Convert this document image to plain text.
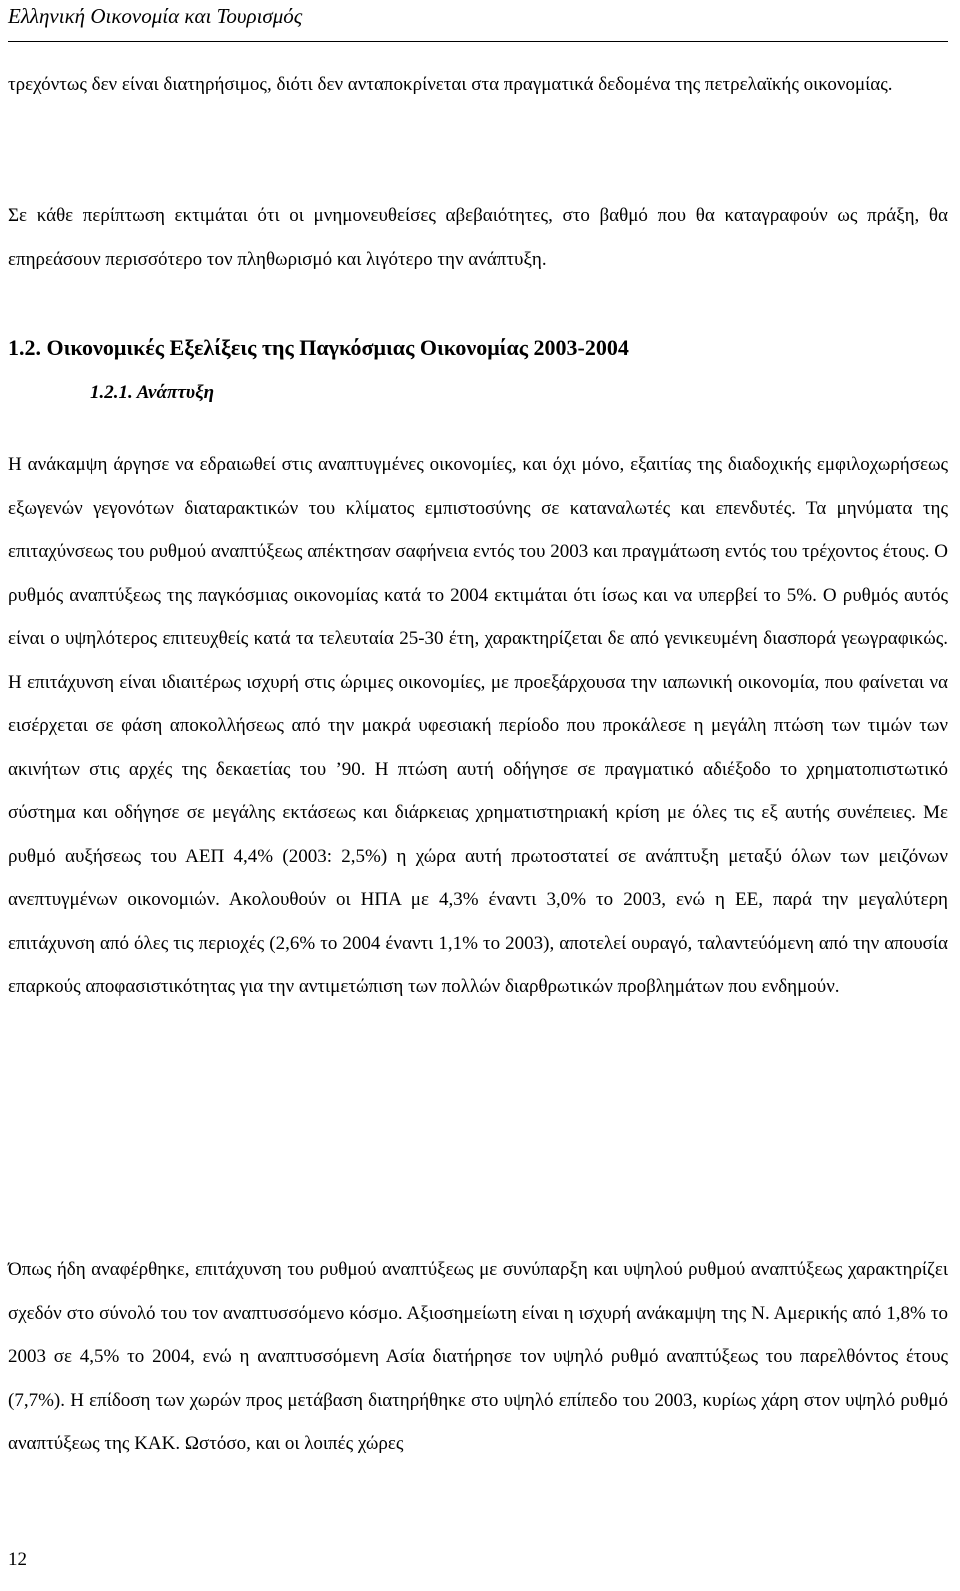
Ελληνική Οικονομία και Τουρισμός

τρεχόντως δεν είναι διατηρήσιμος, διότι δεν ανταποκρίνεται στα πραγματικά δεδομένα της πετρελαϊκής οικονομίας.

Σε κάθε περίπτωση εκτιμάται ότι οι μνημονευθείσες αβεβαιότητες, στο βαθμό που θα καταγραφούν ως πράξη, θα επηρεάσουν περισσότερο τον πληθωρισμό και λιγότερο την ανάπτυξη.

1.2. Οικονομικές Εξελίξεις της Παγκόσμιας Οικονομίας 2003-2004
1.2.1. Ανάπτυξη

Η ανάκαμψη άργησε να εδραιωθεί στις αναπτυγμένες οικονομίες, και όχι μόνο, εξαιτίας της διαδοχικής εμφιλοχωρήσεως εξωγενών γεγονότων διαταρακτικών του κλίματος εμπιστοσύνης σε καταναλωτές και επενδυτές. Τα μηνύματα της επιταχύνσεως του ρυθμού αναπτύξεως απέκτησαν σαφήνεια εντός του 2003 και πραγμάτωση εντός του τρέχοντος έτους. Ο ρυθμός αναπτύξεως της παγκόσμιας οικονομίας κατά το 2004 εκτιμάται ότι ίσως και να υπερβεί το 5%. Ο ρυθμός αυτός είναι ο υψηλότερος επιτευχθείς κατά τα τελευταία 25-30 έτη, χαρακτηρίζεται δε από γενικευμένη διασπορά γεωγραφικώς. Η επιτάχυνση είναι ιδιαιτέρως ισχυρή στις ώριμες οικονομίες, με προεξάρχουσα την ιαπωνική οικονομία, που φαίνεται να εισέρχεται σε φάση αποκολλήσεως από την μακρά υφεσιακή περίοδο που προκάλεσε η μεγάλη πτώση των τιμών των ακινήτων στις αρχές της δεκαετίας του ’90. Η πτώση αυτή οδήγησε σε πραγματικό αδιέξοδο το χρηματοπιστωτικό σύστημα και οδήγησε σε μεγάλης εκτάσεως και διάρκειας χρηματιστηριακή κρίση με όλες τις εξ αυτής συνέπειες. Με ρυθμό αυξήσεως του ΑΕΠ 4,4% (2003: 2,5%) η χώρα αυτή πρωτοστατεί σε ανάπτυξη μεταξύ όλων των μειζόνων ανεπτυγμένων οικονομιών. Ακολουθούν οι ΗΠΑ με 4,3% έναντι 3,0% το 2003, ενώ η ΕΕ, παρά την μεγαλύτερη επιτάχυνση από όλες τις περιοχές (2,6% το 2004 έναντι 1,1% το 2003), αποτελεί ουραγό, ταλαντεύόμενη από την απουσία επαρκούς αποφασιστικότητας για την αντιμετώπιση των πολλών διαρθρωτικών προβλημάτων που ενδημούν.

Όπως ήδη αναφέρθηκε, επιτάχυνση του ρυθμού αναπτύξεως με συνύπαρξη και υψηλού ρυθμού αναπτύξεως χαρακτηρίζει σχεδόν στο σύνολό του τον αναπτυσσόμενο κόσμο. Αξιοσημείωτη είναι η ισχυρή ανάκαμψη της Ν. Αμερικής από 1,8% το 2003 σε 4,5% το 2004, ενώ η αναπτυσσόμενη Ασία διατήρησε τον υψηλό ρυθμό αναπτύξεως του παρελθόντος έτους (7,7%). Η επίδοση των χωρών προς μετάβαση διατηρήθηκε στο υψηλό επίπεδο του 2003, κυρίως χάρη στον υψηλό ρυθμό αναπτύξεως της ΚΑΚ. Ωστόσο, και οι λοιπές χώρες

12
